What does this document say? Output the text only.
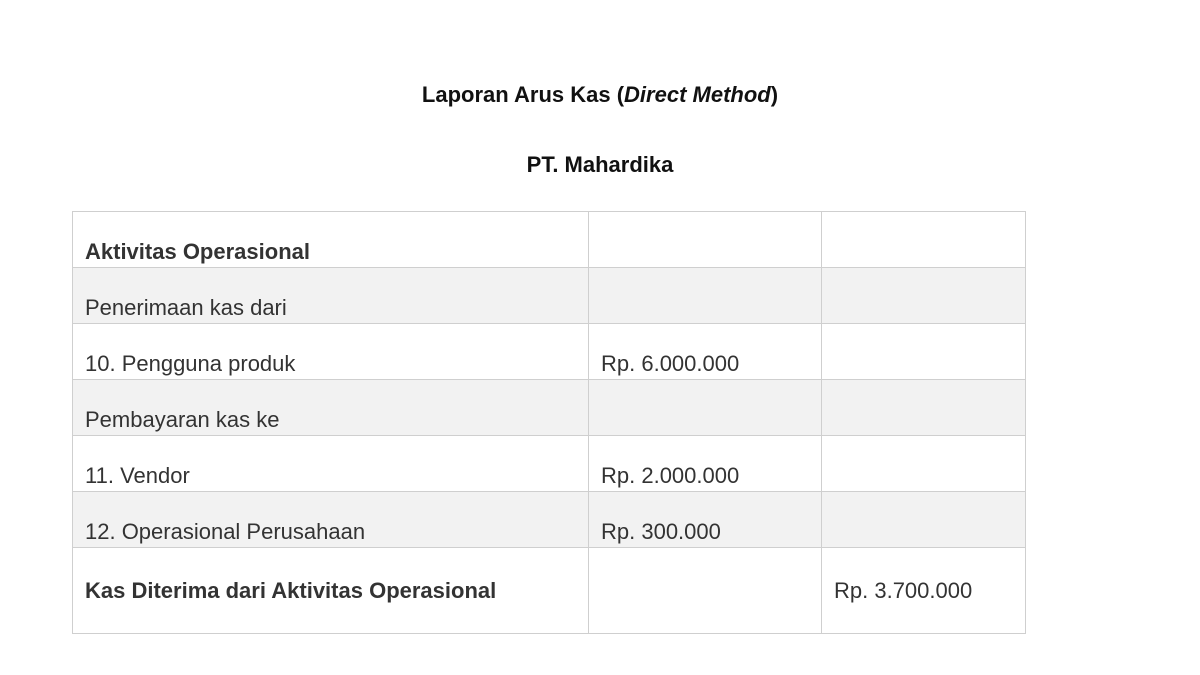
Laporan Arus Kas (Direct Method)
PT. Mahardika
Aktivitas Operasional		
Penerimaan kas dari		
10. Pengguna produk	Rp. 6.000.000	
Pembayaran kas ke		
11. Vendor	Rp. 2.000.000	
12. Operasional Perusahaan	Rp. 300.000	
Kas Diterima dari Aktivitas Operasional		Rp. 3.700.000
